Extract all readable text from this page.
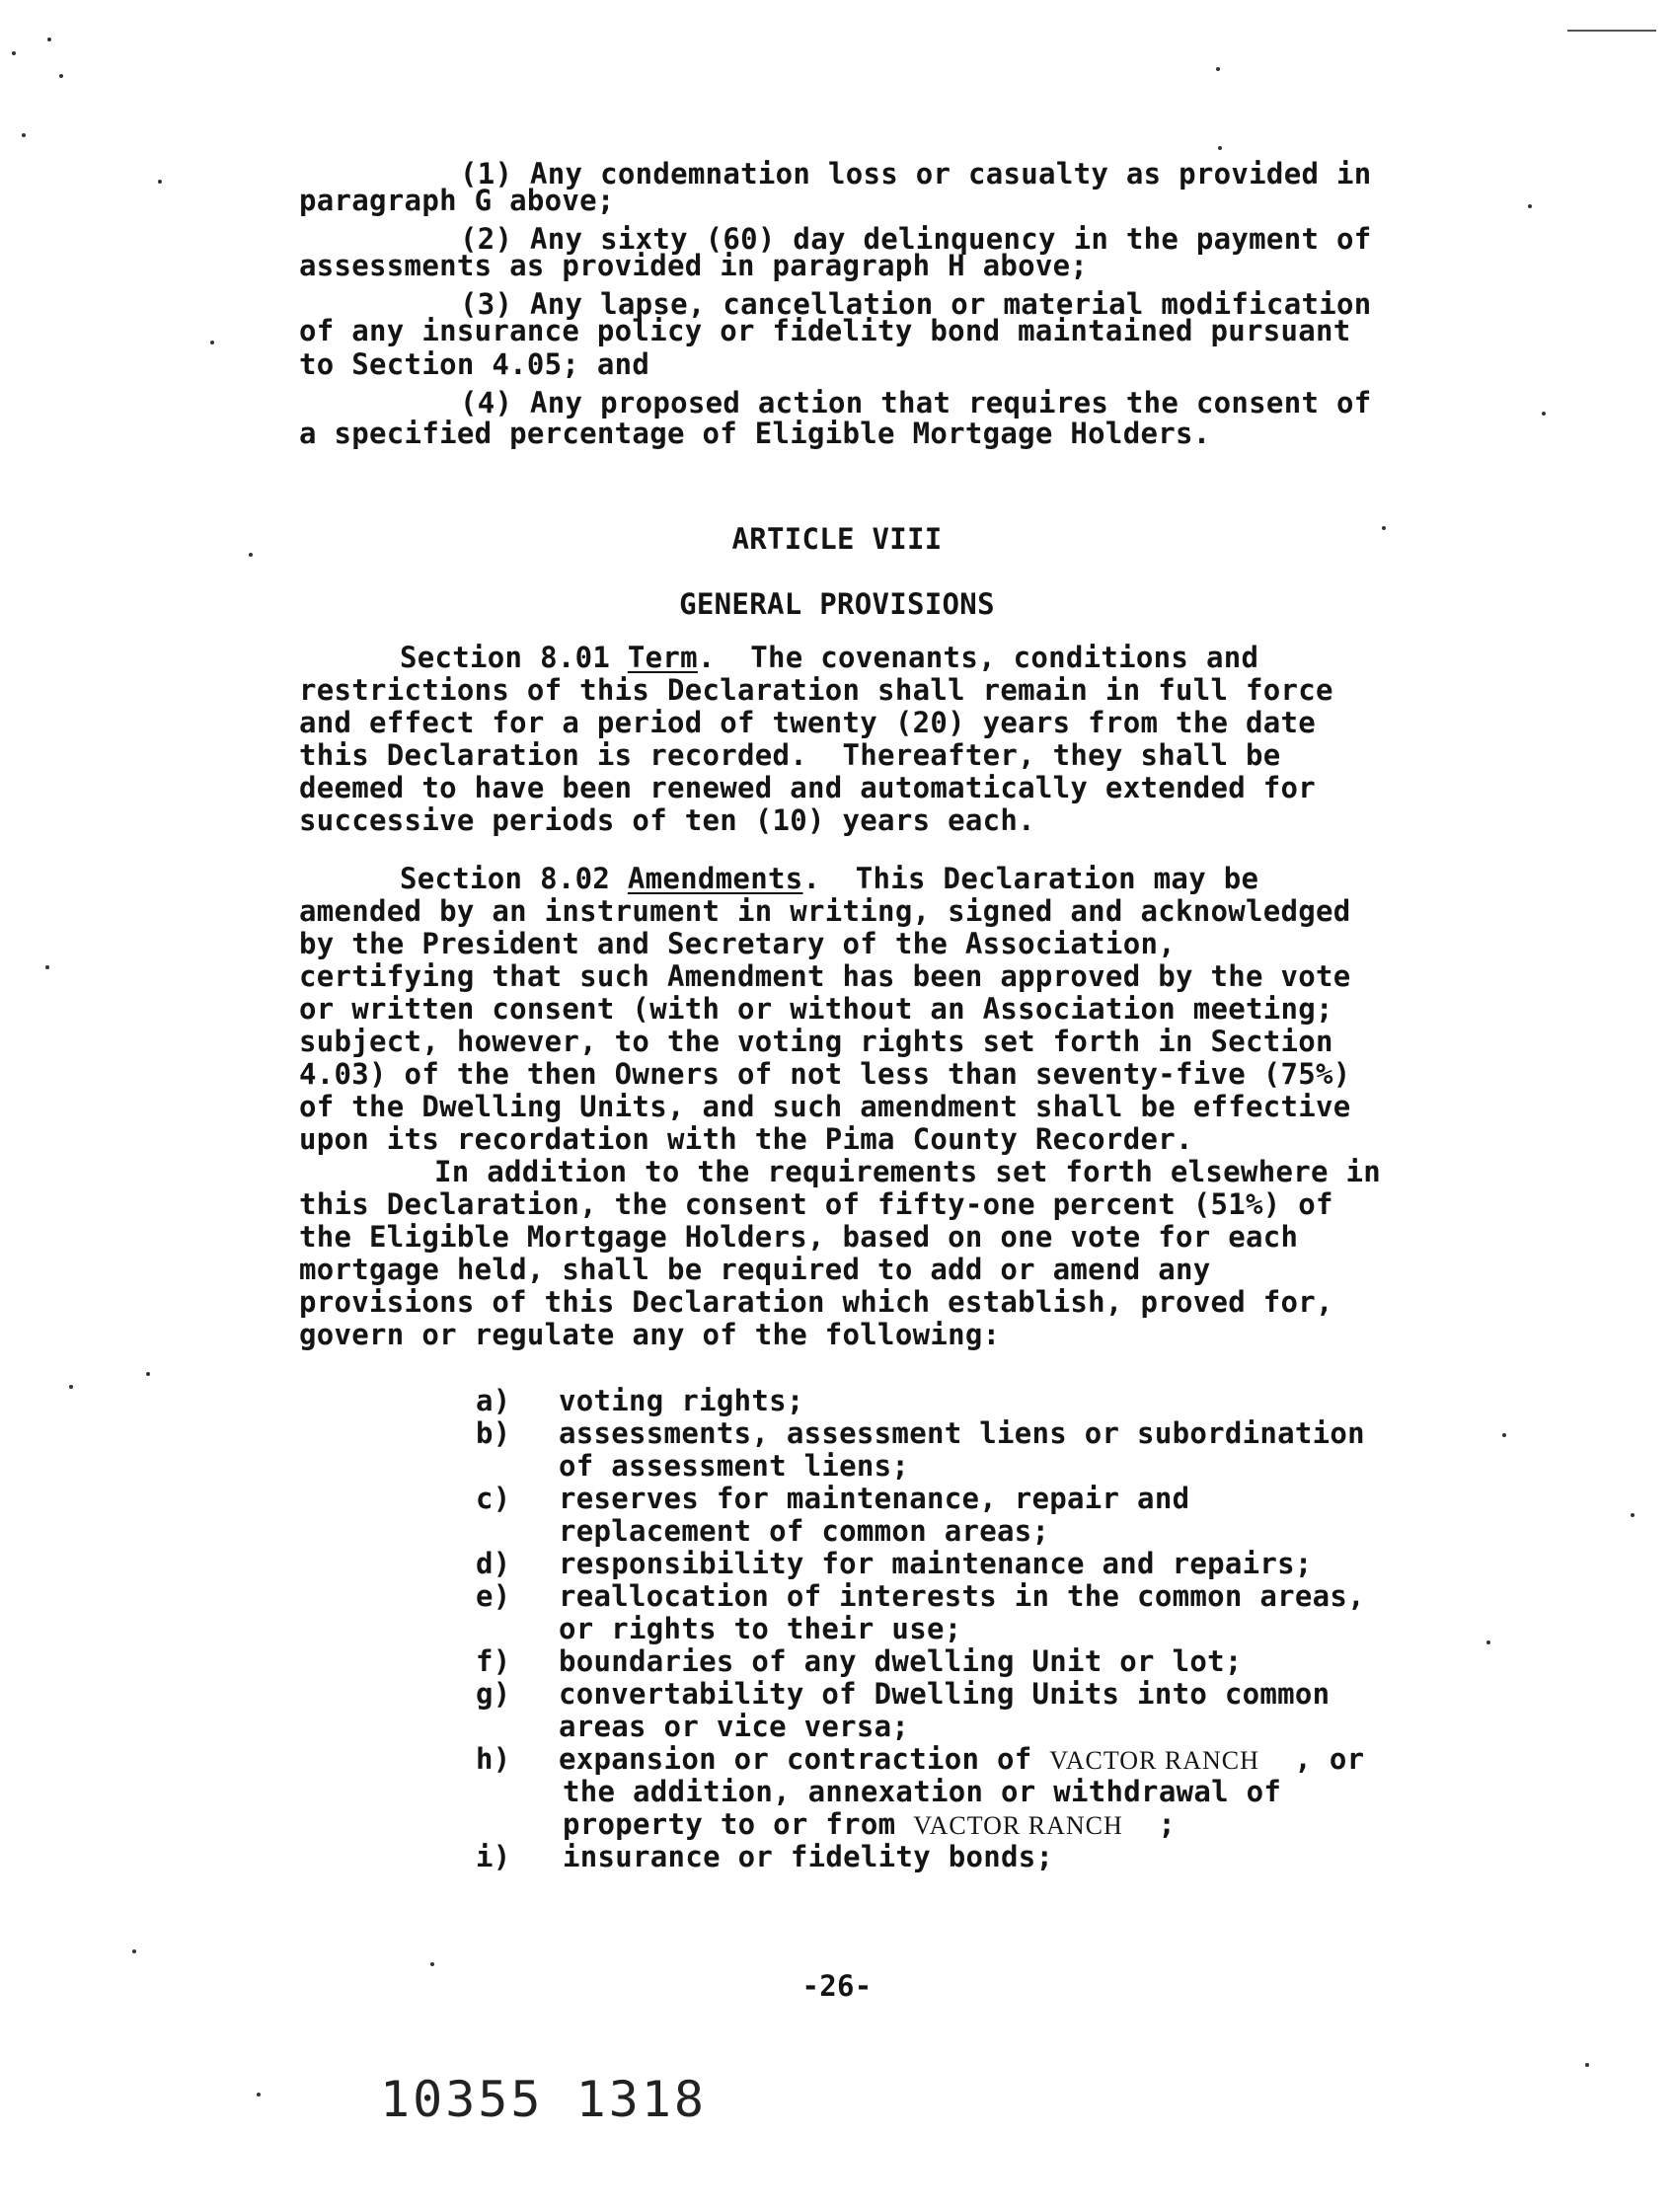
(1) Any condemnation loss or casualty as provided in
paragraph G above;
(2) Any sixty (60) day delinquency in the payment of
assessments as provided in paragraph H above;
(3) Any lapse, cancellation or material modification
of any insurance policy or fidelity bond maintained pursuant
to Section 4.05; and
(4) Any proposed action that requires the consent of
a specified percentage of Eligible Mortgage Holders.
ARTICLE VIII
GENERAL PROVISIONS
Section 8.01 Term.  The covenants, conditions and
restrictions of this Declaration shall remain in full force
and effect for a period of twenty (20) years from the date
this Declaration is recorded.  Thereafter, they shall be
deemed to have been renewed and automatically extended for
successive periods of ten (10) years each.
Section 8.02 Amendments.  This Declaration may be
amended by an instrument in writing, signed and acknowledged
by the President and Secretary of the Association,
certifying that such Amendment has been approved by the vote
or written consent (with or without an Association meeting;
subject, however, to the voting rights set forth in Section
4.03) of the then Owners of not less than seventy-five (75%)
of the Dwelling Units, and such amendment shall be effective
upon its recordation with the Pima County Recorder.
In addition to the requirements set forth elsewhere in
this Declaration, the consent of fifty-one percent (51%) of
the Eligible Mortgage Holders, based on one vote for each
mortgage held, shall be required to add or amend any
provisions of this Declaration which establish, proved for,
govern or regulate any of the following:
a) voting rights;
b) assessments, assessment liens or subordination
of assessment liens;
c) reserves for maintenance, repair and
replacement of common areas;
d) responsibility for maintenance and repairs;
e) reallocation of interests in the common areas,
or rights to their use;
f) boundaries of any dwelling Unit or lot;
g) convertability of Dwelling Units into common
areas or vice versa;
h) expansion or contraction of VACTOR RANCH , or
the addition, annexation or withdrawal of
property to or from VACTOR RANCH ;
i) insurance or fidelity bonds;
-26-
10355 1318
